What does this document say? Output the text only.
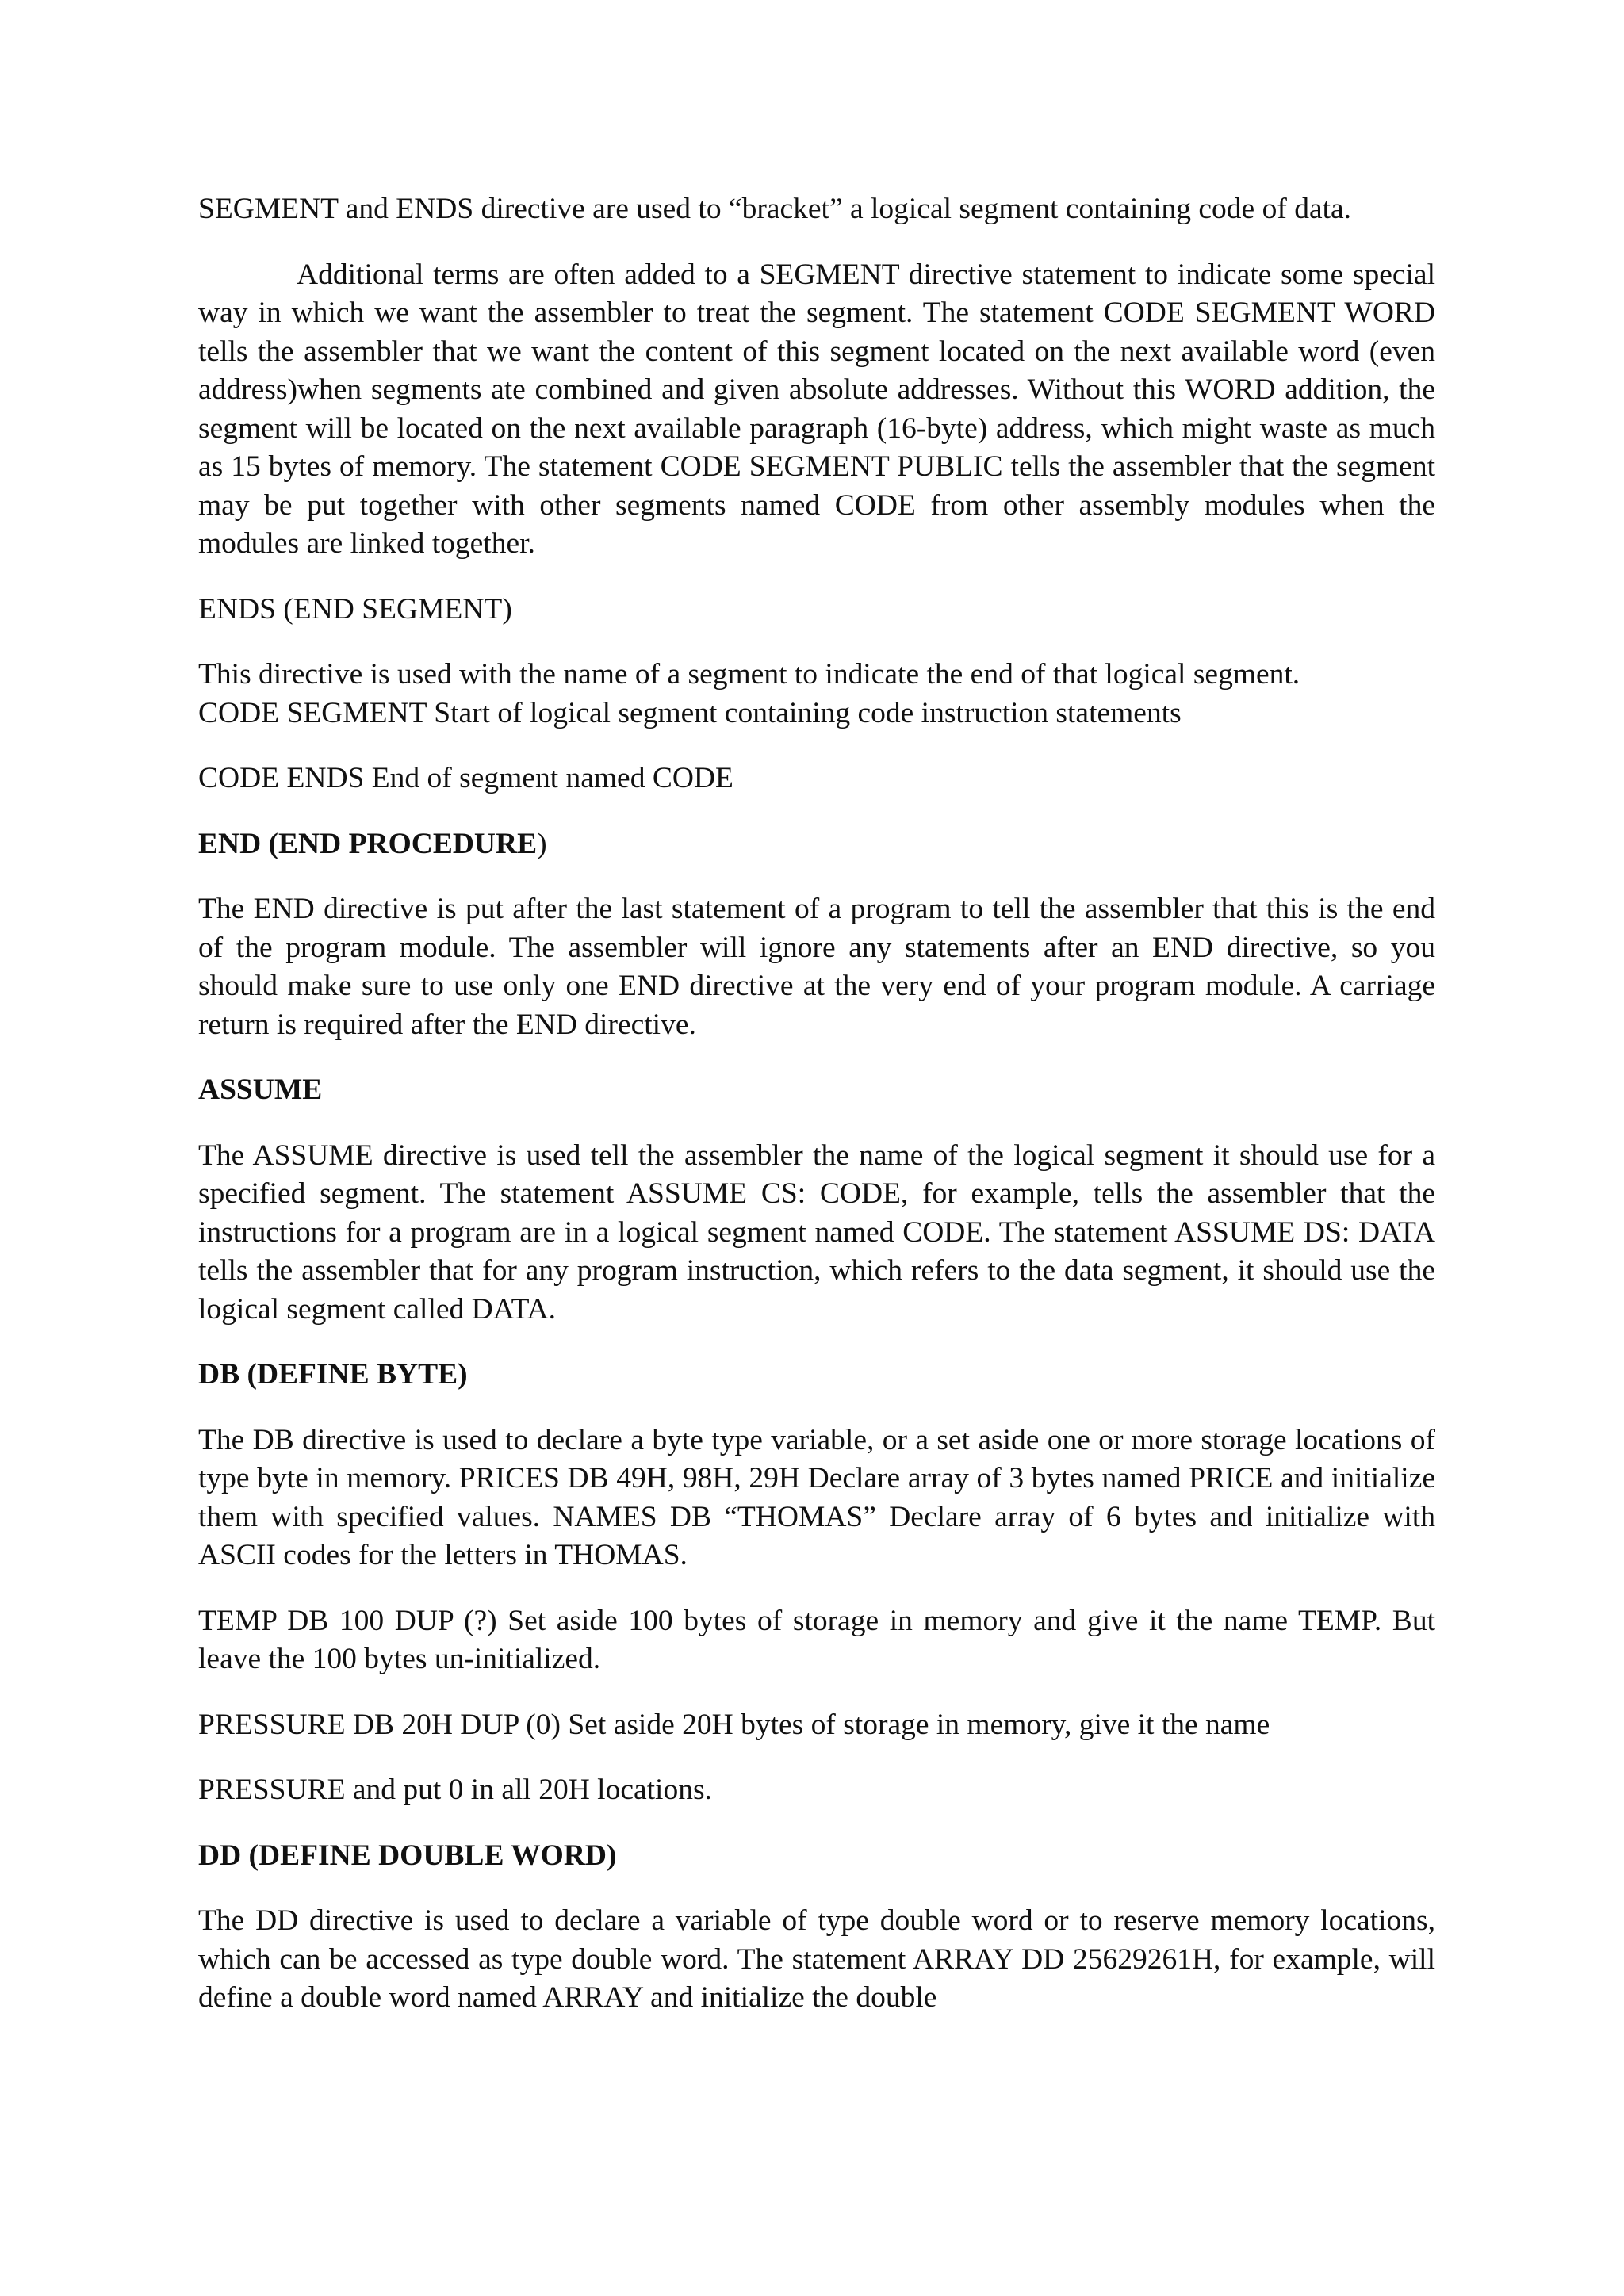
SEGMENT and ENDS directive are used to “bracket” a logical segment containing code of data.

Additional terms are often added to a SEGMENT directive statement to indicate some special way in which we want the assembler to treat the segment. The statement CODE SEGMENT WORD tells the assembler that we want the content of this segment located on the next available word (even address)when segments ate combined and given absolute addresses. Without this WORD addition, the segment will be located on the next available paragraph (16-byte) address, which might waste as much as 15 bytes of memory. The statement CODE SEGMENT PUBLIC tells the assembler that the segment may be put together with other segments named CODE from other assembly modules when the modules are linked together.

ENDS (END SEGMENT)

This directive is used with the name of a segment to indicate the end of that logical segment.
CODE SEGMENT Start of logical segment containing code instruction statements

CODE ENDS End of segment named CODE

END (END PROCEDURE)

The END directive is put after the last statement of a program to tell the assembler that this is the end of the program module. The assembler will ignore any statements after an END directive, so you should make sure to use only one END directive at the very end of your program module. A carriage return is required after the END directive.

ASSUME

The ASSUME directive is used tell the assembler the name of the logical segment it should use for a specified segment. The statement ASSUME CS: CODE, for example, tells the assembler that the instructions for a program are in a logical segment named CODE. The statement ASSUME DS: DATA tells the assembler that for any program instruction, which refers to the data segment, it should use the logical segment called DATA.

DB (DEFINE BYTE)

The DB directive is used to declare a byte type variable, or a set aside one or more storage locations of type byte in memory. PRICES DB 49H, 98H, 29H Declare array of 3 bytes named PRICE and initialize them with specified values. NAMES DB “THOMAS” Declare array of 6 bytes and initialize with ASCII codes for the letters in THOMAS.

TEMP DB 100 DUP (?) Set aside 100 bytes of storage in memory and give it the name TEMP. But leave the 100 bytes un-initialized.

PRESSURE DB 20H DUP (0) Set aside 20H bytes of storage in memory, give it the name

PRESSURE and put 0 in all 20H locations.

DD (DEFINE DOUBLE WORD)

The DD directive is used to declare a variable of type double word or to reserve memory locations, which can be accessed as type double word. The statement ARRAY DD 25629261H, for example, will define a double word named ARRAY and initialize the double
